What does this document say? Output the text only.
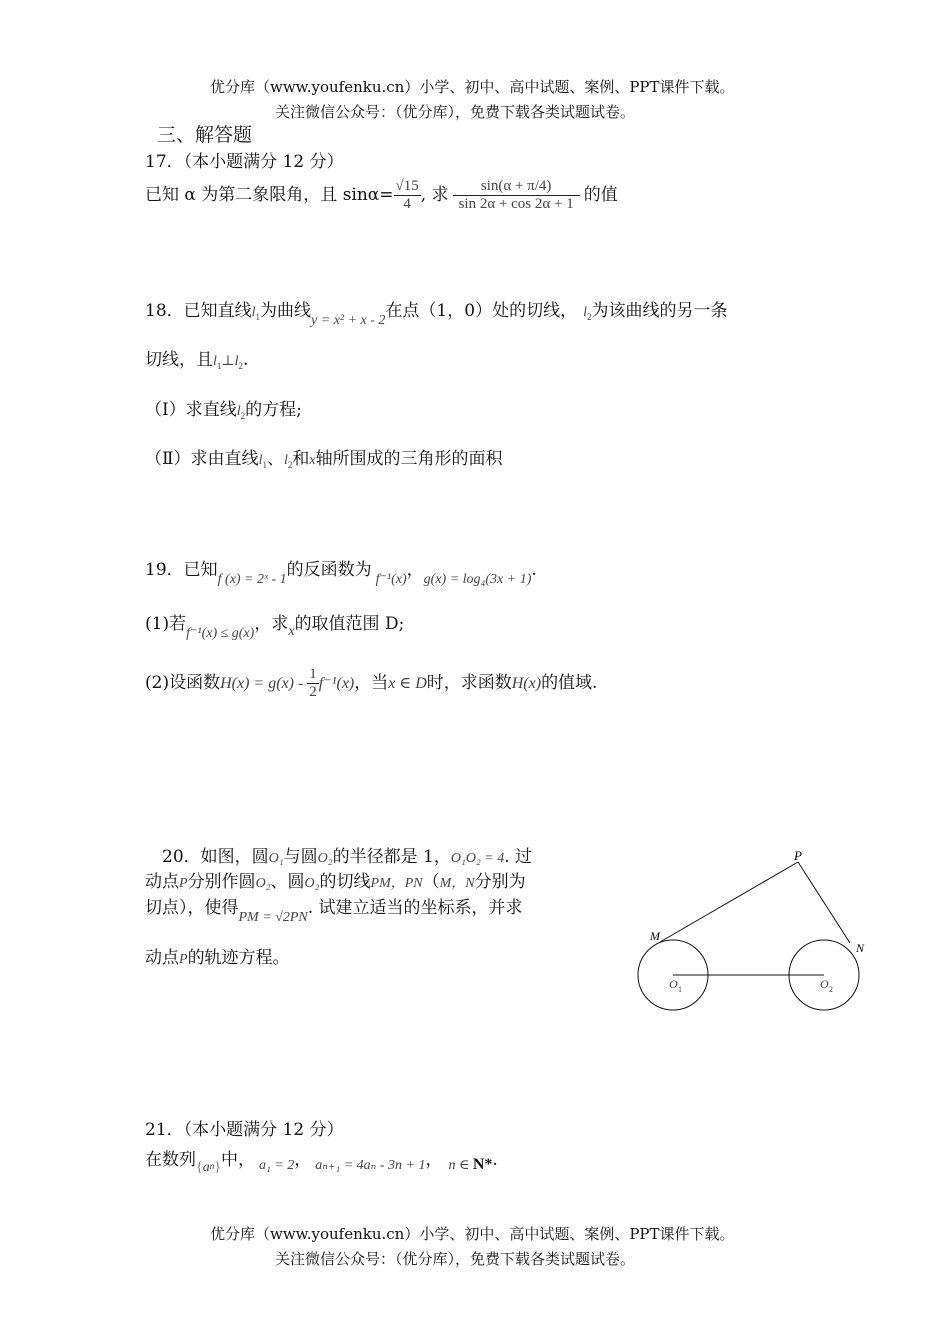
优分库（www.youfenku.cn）小学、初中、高中试题、案例、PPT课件下载。
关注微信公众号：（优分库），免费下载各类试题试卷。
三、解答题
17．（本小题满分 12 分）
已知 α 为第二象限角，且 $\sin\alpha= \frac{√15}{4}$ , 求 $\frac{\sin(\alpha + \pi/4)}{\sin 2\alpha + \cos 2\alpha + 1}$ 的值
18．已知直线$l_1$为曲线$_{y = x^2 + x - 2}$在点（1，0）处的切线， $l_2$为该曲线的另一条
切线，且$l_1\perp l_2$.
（Ⅰ）求直线$l_2$的方程;
（Ⅱ）求由直线$l_1$、$l_2$和x轴所围成的三角形的面积
19．已知$_{f (x) = 2ˣ - 1}$的反函数为 $_{f^{-1}(x)}$，$_{g(x) = log_4(3x + 1)}$.
(1)若$_{f^{-1}(x) \le g(x)}$，求$_x$的取值范围 D;
(2)设函数$H(x) = g(x) - \frac{1}{2} f^{-1}(x)$，当x ∈ D时，求函数H(x)的值域.
20．如图，圆O₁与圆O₂的半径都是 1，O₁O₂ = 4. 过
动点P分别作圆O₂、圆O₂的切线PM，PN（M，N分别为
切点），使得$_{PM = √2PN}$. 试建立适当的坐标系，并求
动点P的轨迹方程。
P
M
N
O 1	O 2
21．（本小题满分 12 分）
在数列$_{\{an\}}$中， $_{a_1 = 2}$， $_{a_{n+1} = 4a_n - 3n + 1}$， $_{n \in}$ N*.
优分库（www.youfenku.cn）小学、初中、高中试题、案例、PPT课件下载。
关注微信公众号：（优分库），免费下载各类试题试卷。
